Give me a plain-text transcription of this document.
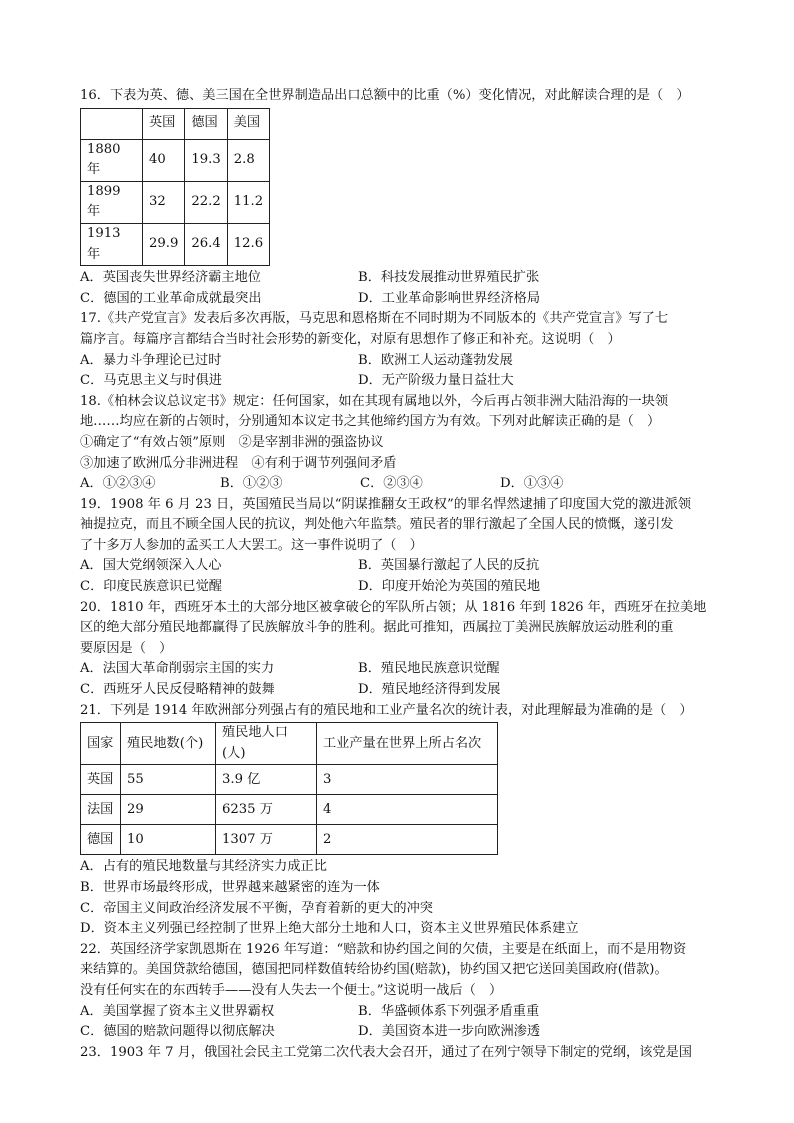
16．下表为英、德、美三国在全世界制造品出口总额中的比重（%）变化情况，对此解读合理的是（　）
	英国	德国	美国
1880 年	40	19.3	2.8
1899 年	32	22.2	11.2
1913 年	29.9	26.4	12.6
A．英国丧失世界经济霸主地位	B．科技发展推动世界殖民扩张
C．德国的工业革命成就最突出	D．工业革命影响世界经济格局
17.《共产党宣言》发表后多次再版，马克思和恩格斯在不同时期为不同版本的《共产党宣言》写了七
篇序言。每篇序言都结合当时社会形势的新变化，对原有思想作了修正和补充。这说明（　）
A．暴力斗争理论已过时	B．欧洲工人运动蓬勃发展
C．马克思主义与时俱进	D．无产阶级力量日益壮大
18.《柏林会议总议定书》规定：任何国家，如在其现有属地以外，今后再占领非洲大陆沿海的一块领
地……均应在新的占领时，分别通知本议定书之其他缔约国方为有效。下列对此解读正确的是（　）
①确定了“有效占领”原则　②是宰割非洲的强盗协议
③加速了欧洲瓜分非洲进程　④有利于调节列强间矛盾
A．①②③④	B．①②③	C．②③④	D．①③④
19．1908 年 6 月 23 日，英国殖民当局以“阴谋推翻女王政权”的罪名悍然逮捕了印度国大党的激进派领
袖提拉克，而且不顾全国人民的抗议，判处他六年监禁。殖民者的罪行激起了全国人民的愤慨，遂引发
了十多万人参加的孟买工人大罢工。这一事件说明了（　）
A．国大党纲领深入人心	B．英国暴行激起了人民的反抗
C．印度民族意识已觉醒	D．印度开始沦为英国的殖民地
20．1810 年，西班牙本土的大部分地区被拿破仑的军队所占领；从 1816 年到 1826 年，西班牙在拉美地
区的绝大部分殖民地都赢得了民族解放斗争的胜利。据此可推知，西属拉丁美洲民族解放运动胜利的重
要原因是（　）
A．法国大革命削弱宗主国的实力	B．殖民地民族意识觉醒
C．西班牙人民反侵略精神的鼓舞	D．殖民地经济得到发展
21．下列是 1914 年欧洲部分列强占有的殖民地和工业产量名次的统计表，对此理解最为准确的是（　）
国家	殖民地数(个)	殖民地人口(人)	工业产量在世界上所占名次
英国	55	3.9 亿	3
法国	29	6235 万	4
德国	10	1307 万	2
A．占有的殖民地数量与其经济实力成正比
B．世界市场最终形成，世界越来越紧密的连为一体
C．帝国主义间政治经济发展不平衡，孕育着新的更大的冲突
D．资本主义列强已经控制了世界上绝大部分土地和人口，资本主义世界殖民体系建立
22．英国经济学家凯恩斯在 1926 年写道：“赔款和协约国之间的欠债，主要是在纸面上，而不是用物资
来结算的。美国贷款给德国，德国把同样数值转给协约国(赔款)，协约国又把它送回美国政府(借款)。
没有任何实在的东西转手——没有人失去一个便士。”这说明一战后（　）
A．美国掌握了资本主义世界霸权	B．华盛顿体系下列强矛盾重重
C．德国的赔款问题得以彻底解决	D．美国资本进一步向欧洲渗透
23．1903 年 7 月，俄国社会民主工党第二次代表大会召开，通过了在列宁领导下制定的党纲，该党是国
